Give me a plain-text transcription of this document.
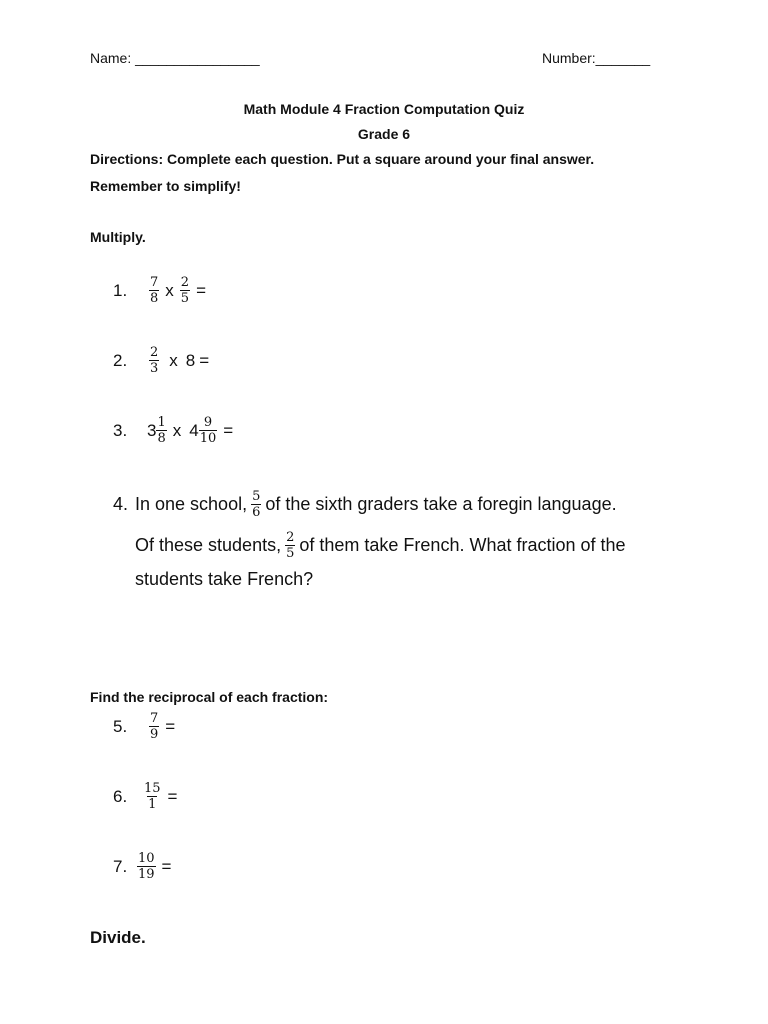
Name: ________________	Number:_______
Math Module 4 Fraction Computation Quiz
Grade 6
Directions: Complete each question. Put a square around your final answer.
Remember to simplify!
Multiply.
1.	$\frac{7}{8}$ x $\frac{2}{5}$ =
2.	$\frac{2}{3}$ x 8 =
3.	$3 \frac{1}{8}$ x $4 \frac{9}{10}$ =
4. In one school, $\frac{5}{6}$ of the sixth graders take a foregin language.
Of these students, $\frac{2}{5}$ of them take French. What fraction of the
students take French?
Find the reciprocal of each fraction:
5.	$\frac{7}{9}$ =
6.	$\frac{15}{1}$ =
7. $\frac{10}{19}$ =
Divide.
